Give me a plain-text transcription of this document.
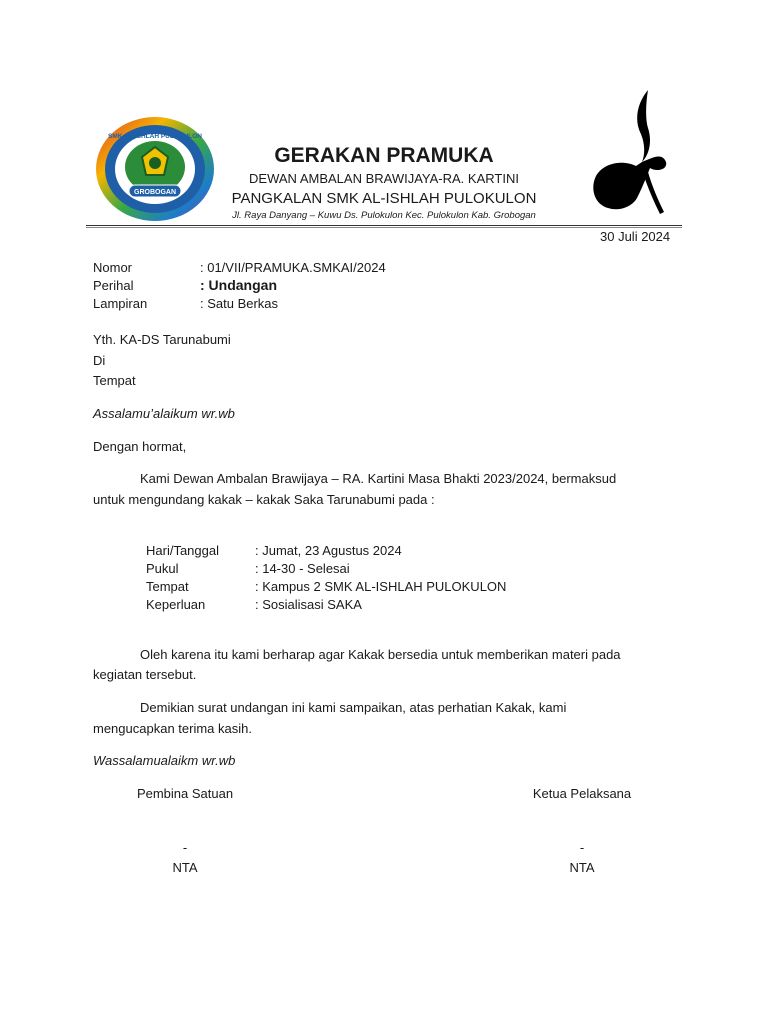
GROBOGAN
SMK AL-ISHLAH PULOKULON
GERAKAN PRAMUKA
DEWAN AMBALAN BRAWIJAYA-RA. KARTINI
PANGKALAN SMK AL-ISHLAH PULOKULON
Jl. Raya Danyang – Kuwu Ds. Pulokulon Kec. Pulokulon Kab. Grobogan
30 Juli 2024
Nomor	: 01/VII/PRAMUKA.SMKAI/2024
Perihal	: Undangan
Lampiran	: Satu Berkas
Yth. KA-DS Tarunabumi
Di
Tempat
Assalamu’alaikum wr.wb
Dengan hormat,
Kami Dewan Ambalan Brawijaya – RA. Kartini Masa Bhakti 2023/2024, bermaksud
untuk mengundang kakak – kakak Saka Tarunabumi pada :
Hari/Tanggal	: Jumat, 23 Agustus 2024
Pukul	: 14-30 - Selesai
Tempat	: Kampus 2 SMK AL-ISHLAH PULOKULON
Keperluan	: Sosialisasi SAKA
Oleh karena itu kami berharap agar Kakak bersedia untuk memberikan materi pada
kegiatan tersebut.
Demikian surat undangan ini kami sampaikan, atas perhatian Kakak, kami
mengucapkan terima kasih.
Wassalamualaikm wr.wb
Pembina Satuan
-
NTA
Ketua Pelaksana
-
NTA
